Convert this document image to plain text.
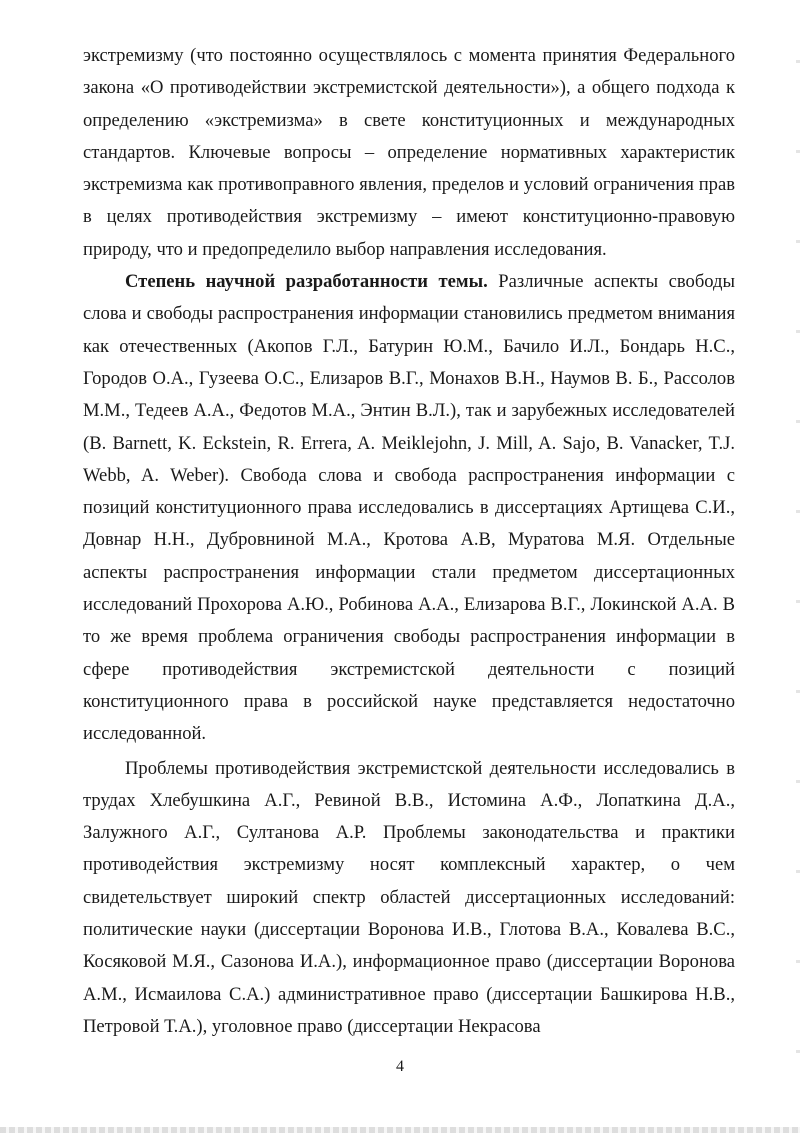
экстремизму (что постоянно осуществлялось с момента принятия Федерального закона «О противодействии экстремистской деятельности»), а общего подхода к определению «экстремизма» в свете конституционных и международных стандартов. Ключевые вопросы – определение нормативных характеристик экстремизма как противоправного явления, пределов и условий ограничения прав в целях противодействия экстремизму – имеют конституционно-правовую природу, что и предопределило выбор направления исследования.

Степень научной разработанности темы. Различные аспекты свободы слова и свободы распространения информации становились предметом внимания как отечественных (Акопов Г.Л., Батурин Ю.М., Бачило И.Л., Бондарь Н.С., Городов О.А., Гузеева О.С., Елизаров В.Г., Монахов В.Н., Наумов В. Б., Рассолов М.М., Тедеев А.А., Федотов М.А., Энтин В.Л.), так и зарубежных исследователей (B. Barnett, K. Eckstein, R. Errera, A. Meiklejohn, J. Mill, A. Sajo, B. Vanacker, T.J. Webb, A. Weber). Свобода слова и свобода распространения информации с позиций конституционного права исследовались в диссертациях Артищева С.И., Довнар Н.Н., Дубровниной М.А., Кротова А.В, Муратова М.Я. Отдельные аспекты распространения информации стали предметом диссертационных исследований Прохорова А.Ю., Робинова А.А., Елизарова В.Г., Локинской А.А. В то же время проблема ограничения свободы распространения информации в сфере противодействия экстремистской деятельности с позиций конституционного права в российской науке представляется недостаточно исследованной.

Проблемы противодействия экстремистской деятельности исследовались в трудах Хлебушкина А.Г., Ревиной В.В., Истомина А.Ф., Лопаткина Д.А., Залужного А.Г., Султанова А.Р. Проблемы законодательства и практики противодействия экстремизму носят комплексный характер, о чем свидетельствует широкий спектр областей диссертационных исследований: политические науки (диссертации Воронова И.В., Глотова В.А., Ковалева В.С., Косяковой М.Я., Сазонова И.А.), информационное право (диссертации Воронова А.М., Исмаилова С.А.) административное право (диссертации Башкирова Н.В., Петровой Т.А.), уголовное право (диссертации Некрасова

4
